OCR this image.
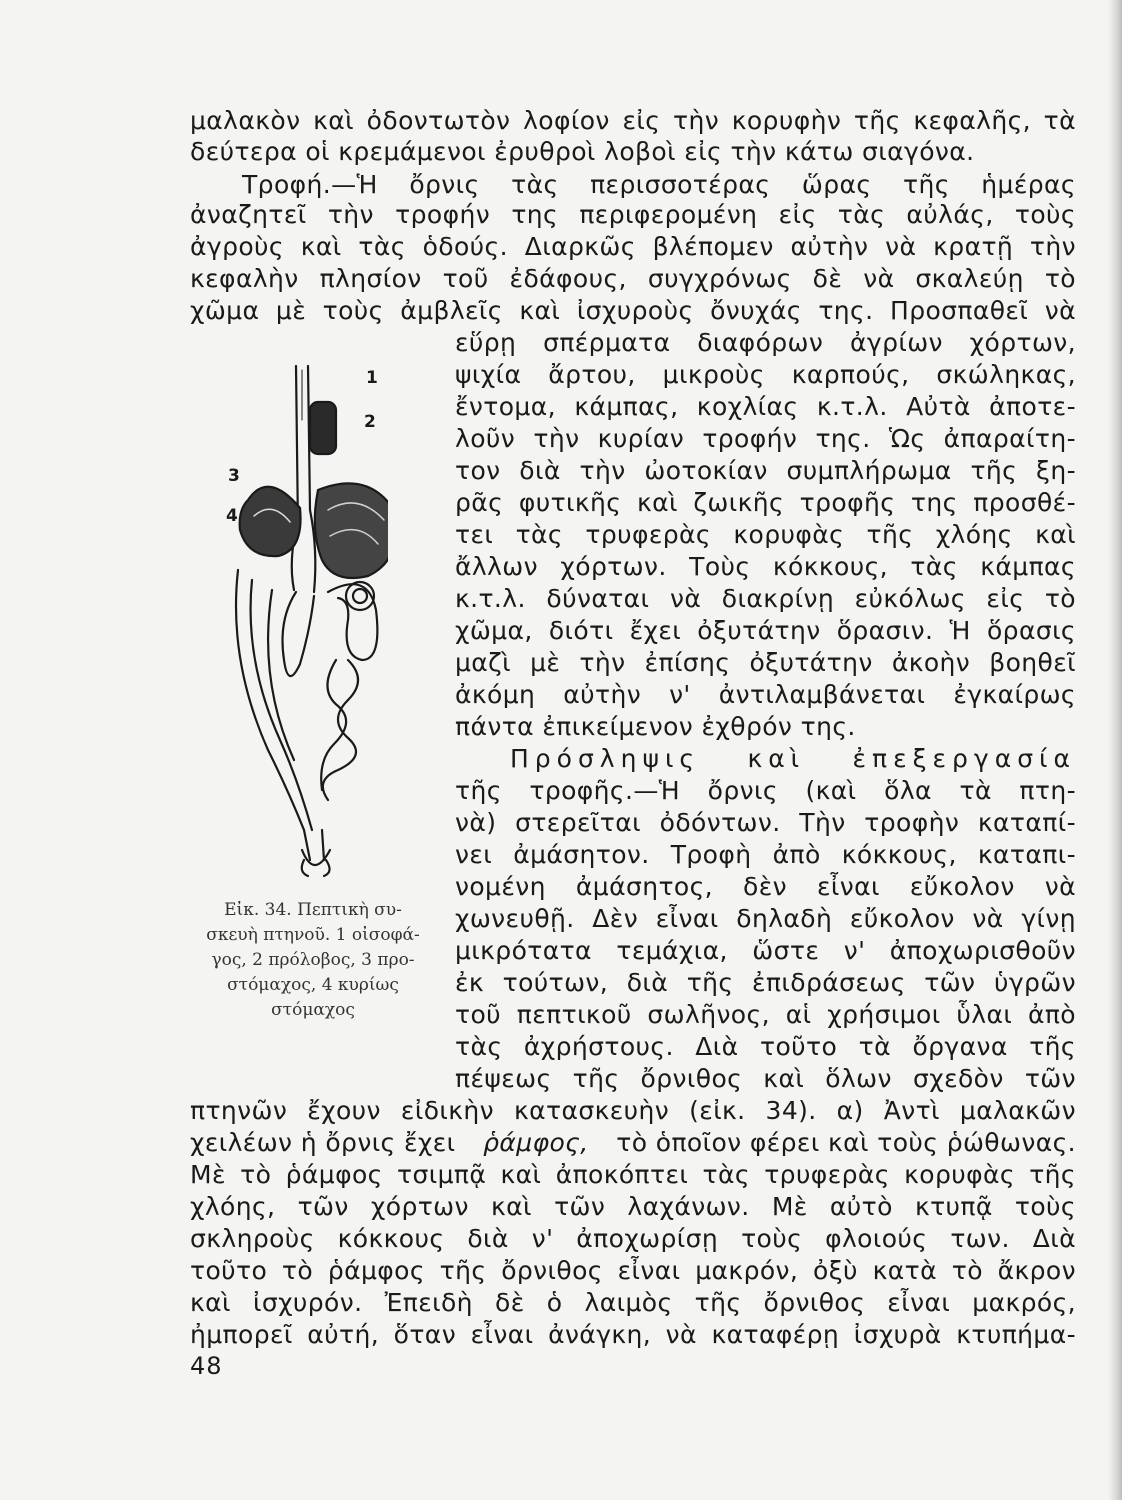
μαλακὸν καὶ ὀδοντωτὸν λοφίον εἰς τὴν κορυφὴν τῆς κεφαλῆς, τὰ
δεύτερα οἱ κρεμάμενοι ἐρυθροὶ λοβοὶ εἰς τὴν κάτω σιαγόνα.
Τροφή.—Ἡ ὄρνις τὰς περισσοτέρας ὥρας τῆς ἡμέρας
ἀναζητεῖ τὴν τροφήν της περιφερομένη εἰς τὰς αὐλάς, τοὺς
ἀγροὺς καὶ τὰς ὁδούς. Διαρκῶς βλέπομεν αὐτὴν νὰ κρατῇ τὴν
κεφαλὴν πλησίον τοῦ ἐδάφους, συγχρόνως δὲ νὰ σκαλεύῃ τὸ
χῶμα μὲ τοὺς ἀμβλεῖς καὶ ἰσχυροὺς ὄνυχάς της. Προσπαθεῖ νὰ
εὕρῃ σπέρματα διαφόρων ἀγρίων χόρτων,
ψιχία ἄρτου, μικροὺς καρπούς, σκώληκας,
ἔντομα, κάμπας, κοχλίας κ.τ.λ. Αὐτὰ ἀποτε-
λοῦν τὴν κυρίαν τροφήν της. Ὡς ἀπαραίτη-
τον διὰ τὴν ὠοτοκίαν συμπλήρωμα τῆς ξη-
ρᾶς φυτικῆς καὶ ζωικῆς τροφῆς της προσθέ-
τει τὰς τρυφερὰς κορυφὰς τῆς χλόης καὶ
ἄλλων χόρτων. Τοὺς κόκκους, τὰς κάμπας
κ.τ.λ. δύναται νὰ διακρίνῃ εὐκόλως εἰς τὸ
χῶμα, διότι ἔχει ὀξυτάτην ὅρασιν. Ἡ ὅρασις
μαζὶ μὲ τὴν ἐπίσης ὀξυτάτην ἀκοὴν βοηθεῖ
ἀκόμη αὐτὴν ν' ἀντιλαμβάνεται ἐγκαίρως
πάντα ἐπικείμενον ἐχθρόν της.
Πρόσληψις καὶ ἐπεξεργασία
τῆς τροφῆς.—Ἡ ὄρνις (καὶ ὅλα τὰ πτη-
νὰ) στερεῖται ὀδόντων. Τὴν τροφὴν καταπί-
νει ἀμάσητον. Τροφὴ ἀπὸ κόκκους, καταπι-
νομένη ἀμάσητος, δὲν εἶναι εὔκολον νὰ
χωνευθῇ. Δὲν εἶναι δηλαδὴ εὔκολον νὰ γίνῃ
μικρότατα τεμάχια, ὥστε ν' ἀποχωρισθοῦν
ἐκ τούτων, διὰ τῆς ἐπιδράσεως τῶν ὑγρῶν
τοῦ πεπτικοῦ σωλῆνος, αἱ χρήσιμοι ὗλαι ἀπὸ
τὰς ἀχρήστους. Διὰ τοῦτο τὰ ὄργανα τῆς
πέψεως τῆς ὄρνιθος καὶ ὅλων σχεδὸν τῶν
πτηνῶν ἔχουν εἰδικὴν κατασκευὴν (εἰκ. 34). α) Ἀντὶ μαλακῶν
χειλέων ἡ ὄρνις ἔχει ῥάμφος, τὸ ὁποῖον φέρει καὶ τοὺς ῥώθωνας.
Μὲ τὸ ῥάμφος τσιμπᾷ καὶ ἀποκόπτει τὰς τρυφερὰς κορυφὰς τῆς
χλόης, τῶν χόρτων καὶ τῶν λαχάνων. Μὲ αὐτὸ κτυπᾷ τοὺς
σκληροὺς κόκκους διὰ ν' ἀποχωρίσῃ τοὺς φλοιούς των. Διὰ
τοῦτο τὸ ῥάμφος τῆς ὄρνιθος εἶναι μακρόν, ὀξὺ κατὰ τὸ ἄκρον
καὶ ἰσχυρόν. Ἐπειδὴ δὲ ὁ λαιμὸς τῆς ὄρνιθος εἶναι μακρός,
ἠμπορεῖ αὐτή, ὅταν εἶναι ἀνάγκη, νὰ καταφέρῃ ἰσχυρὰ κτυπήμα-
1
2
3
4
Εἰκ. 34. Πεπτικὴ συ-
σκευὴ πτηνοῦ. 1 οἰσοφά-
γος, 2 πρόλοβος, 3 προ-
στόμαχος, 4 κυρίως
στόμαχος
48
